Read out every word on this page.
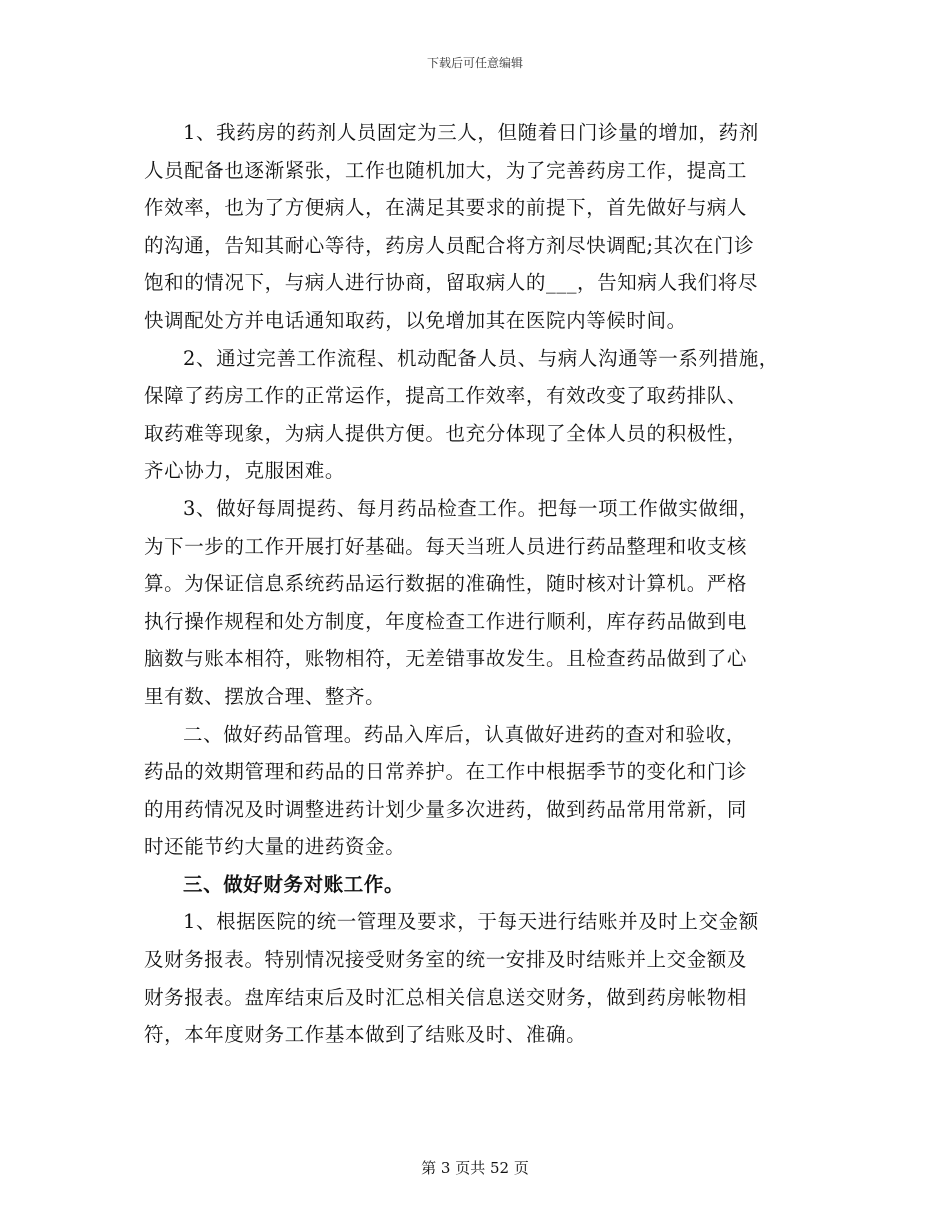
下载后可任意编辑
1、我药房的药剂人员固定为三人，但随着日门诊量的增加，药剂
人员配备也逐渐紧张，工作也随机加大，为了完善药房工作，提高工
作效率，也为了方便病人，在满足其要求的前提下，首先做好与病人
的沟通，告知其耐心等待，药房人员配合将方剂尽快调配;其次在门诊
饱和的情况下，与病人进行协商，留取病人的___，告知病人我们将尽
快调配处方并电话通知取药，以免增加其在医院内等候时间。
2、通过完善工作流程、机动配备人员、与病人沟通等一系列措施，
保障了药房工作的正常运作，提高工作效率，有效改变了取药排队、
取药难等现象，为病人提供方便。也充分体现了全体人员的积极性，
齐心协力，克服困难。
3、做好每周提药、每月药品检查工作。把每一项工作做实做细，
为下一步的工作开展打好基础。每天当班人员进行药品整理和收支核
算。为保证信息系统药品运行数据的准确性，随时核对计算机。严格
执行操作规程和处方制度，年度检查工作进行顺利，库存药品做到电
脑数与账本相符，账物相符，无差错事故发生。且检查药品做到了心
里有数、摆放合理、整齐。
二、做好药品管理。药品入库后，认真做好进药的查对和验收，
药品的效期管理和药品的日常养护。在工作中根据季节的变化和门诊
的用药情况及时调整进药计划少量多次进药，做到药品常用常新，同
时还能节约大量的进药资金。
三、做好财务对账工作。
1、根据医院的统一管理及要求，于每天进行结账并及时上交金额
及财务报表。特别情况接受财务室的统一安排及时结账并上交金额及
财务报表。盘库结束后及时汇总相关信息送交财务，做到药房帐物相
符，本年度财务工作基本做到了结账及时、准确。
第 3 页共 52 页
